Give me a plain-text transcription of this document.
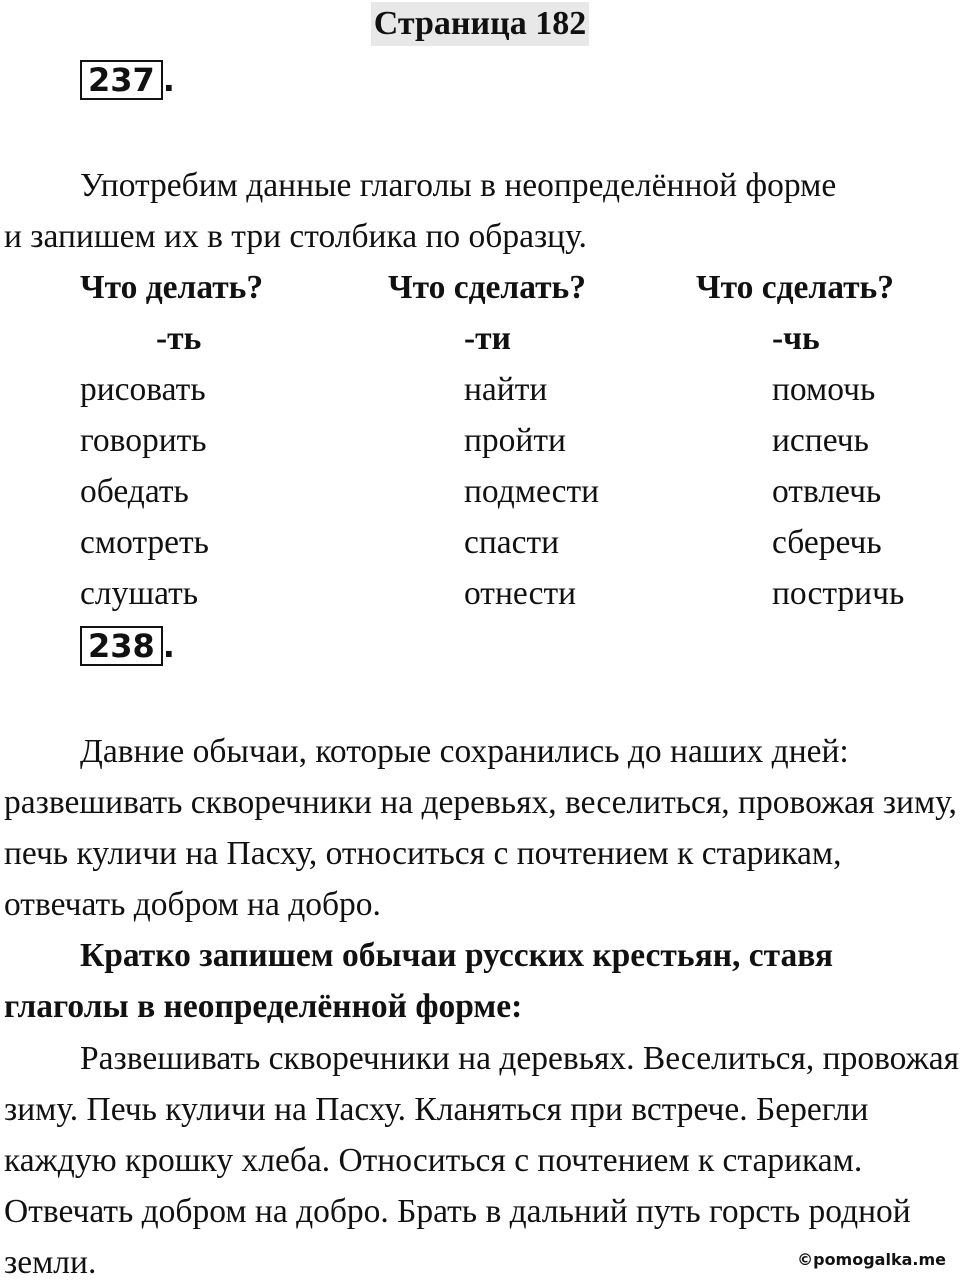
Страница 182
237 .

Употребим данные глаголы в неопределённой форме

и запишем их в три столбика по образцу.

Что делать?
-ть
рисовать
говорить
обедать
смотреть
слушать
Что сделать?
-ти
найти
пройти
подмести
спасти
отнести
Что сделать?
-чь
помочь
испечь
отвлечь
сберечь
постричь
238 .

Давние обычаи, которые сохранились до наших дней: развешивать скворечники на деревьях, веселиться, провожая зиму, печь куличи на Пасху, относиться с почтением к старикам, отвечать добром на добро.

Кратко запишем обычаи русских крестьян, ставя глаголы в неопределённой форме:

Развешивать скворечники на деревьях. Веселиться, провожая зиму. Печь куличи на Пасху. Кланяться при встрече. Берегли каждую крошку хлеба. Относиться с почтением к старикам. Отвечать добром на добро. Брать в дальний путь горсть родной земли.	©pomogalka.me
